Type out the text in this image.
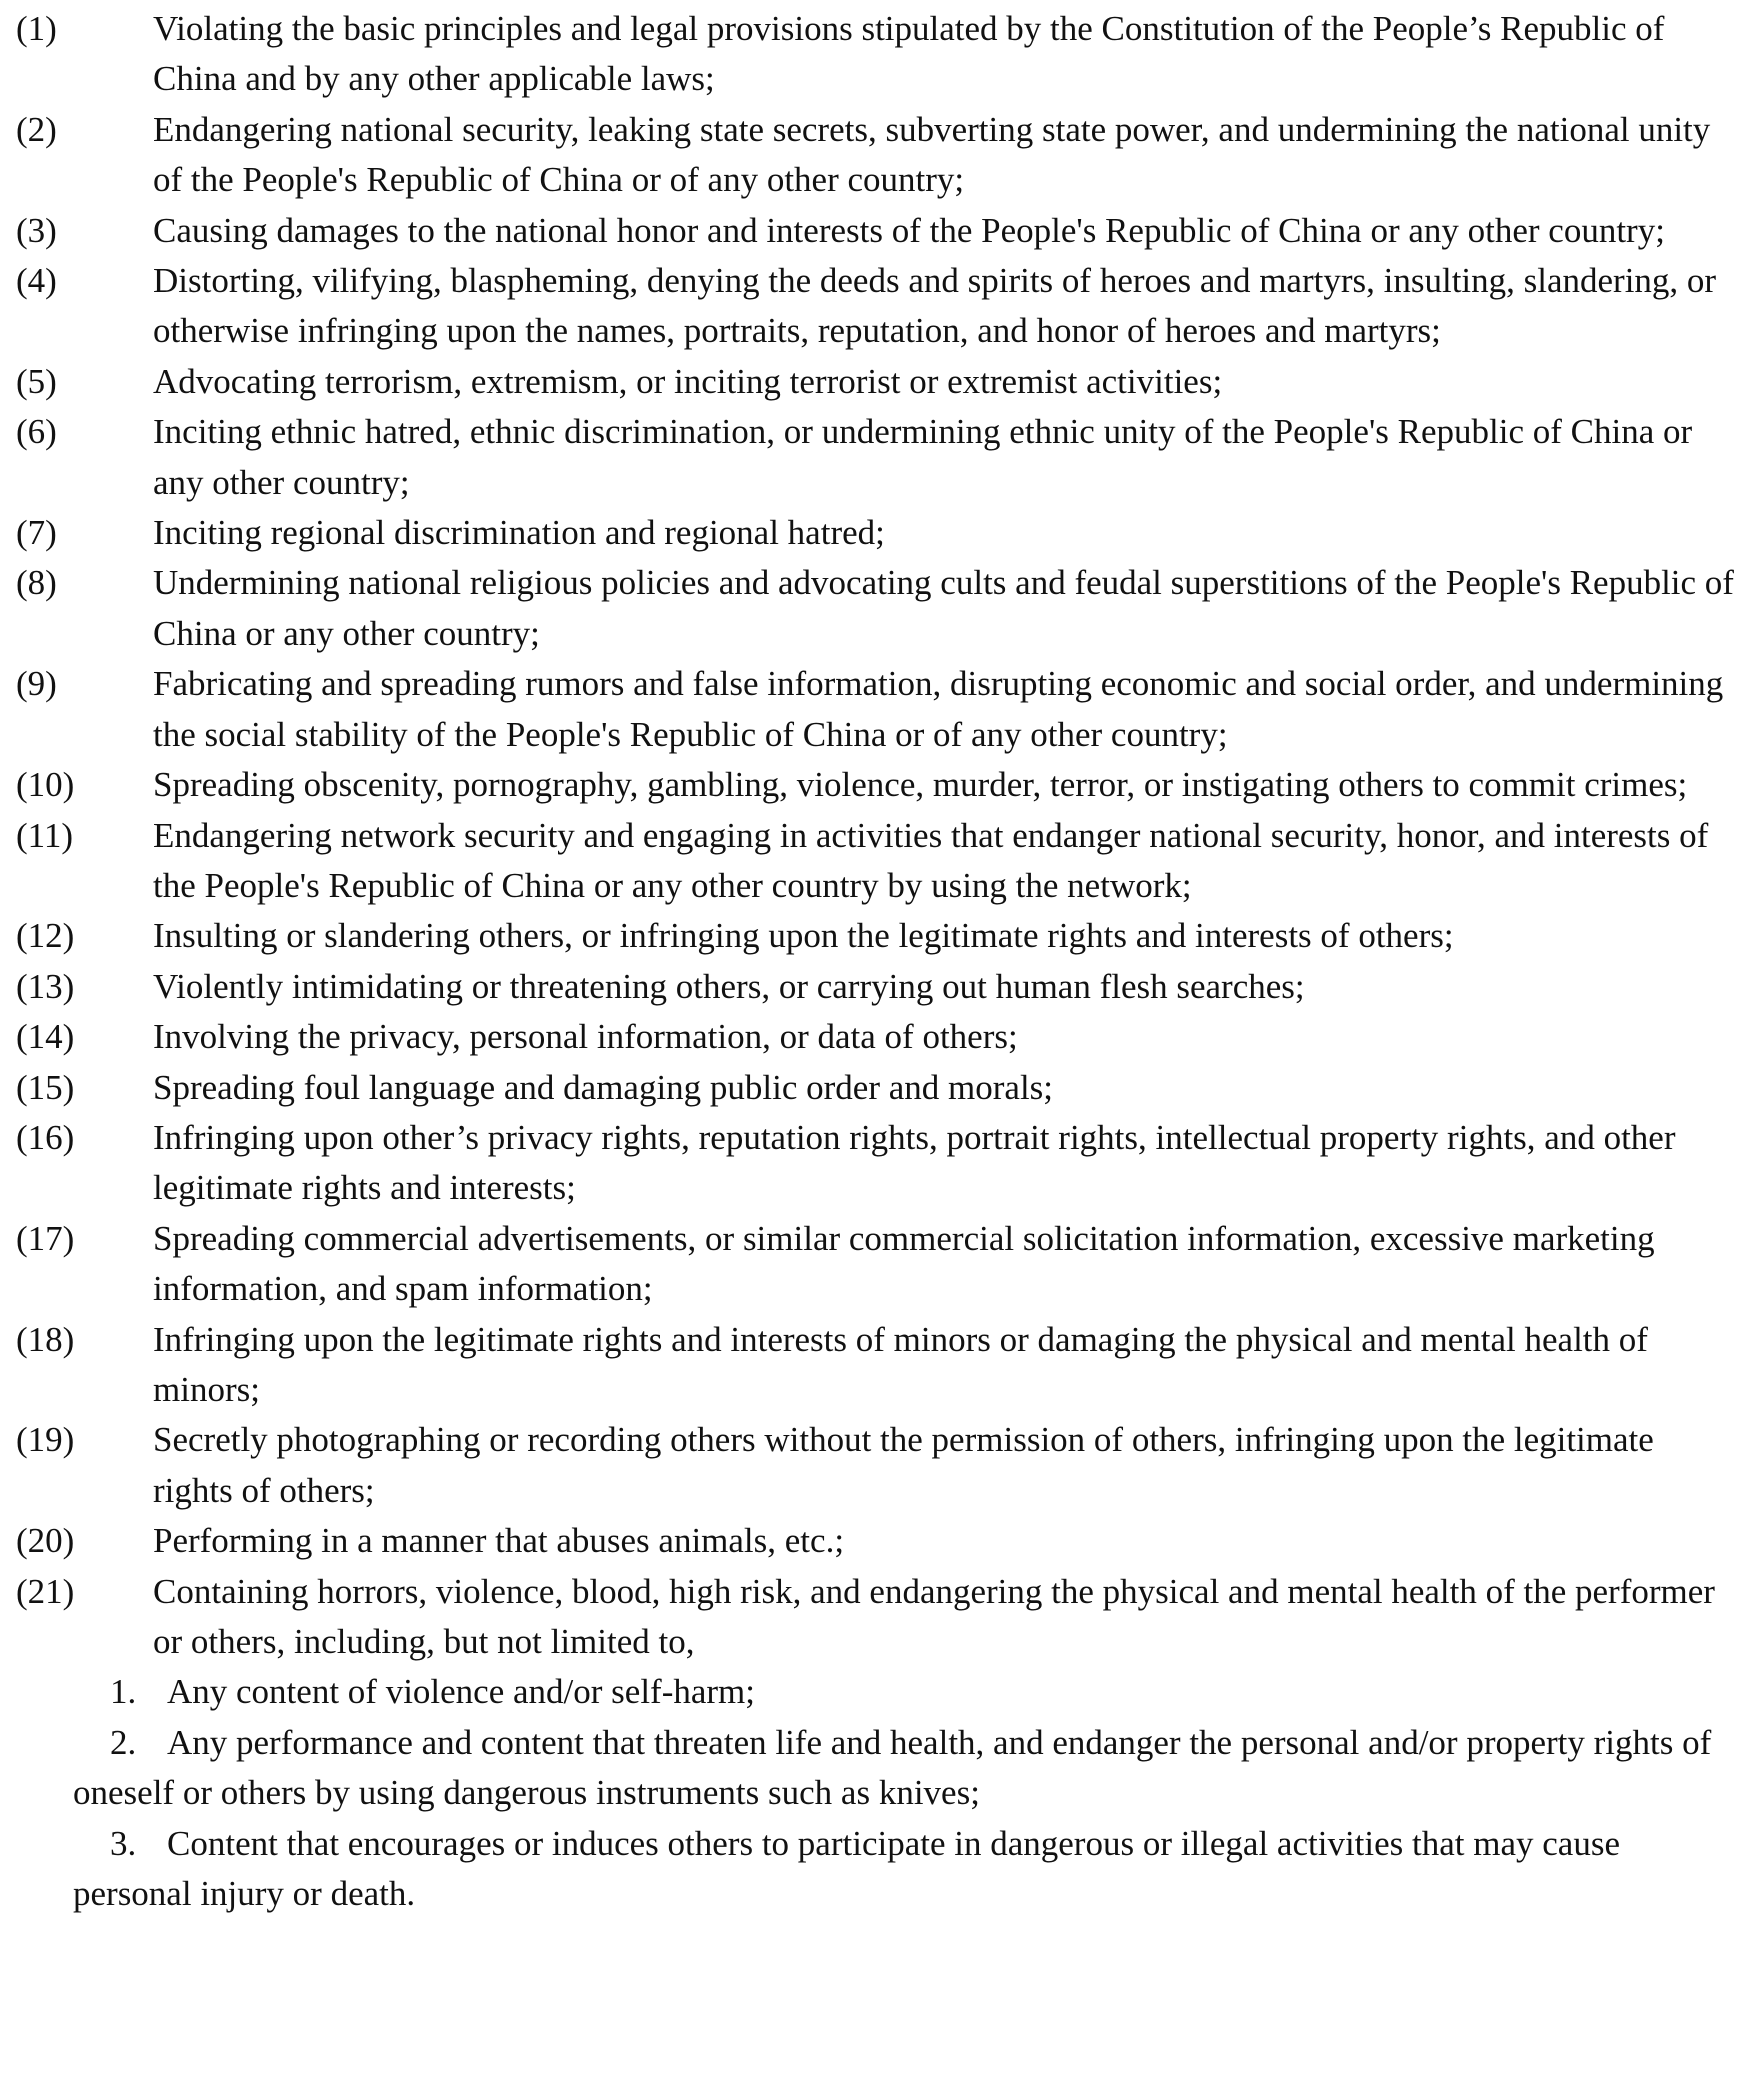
(1)	Violating the basic principles and legal provisions stipulated by the Constitution of the People’s Republic of China and by any other applicable laws;
(2)	Endangering national security, leaking state secrets, subverting state power, and undermining the national unity of the People's Republic of China or of any other country;
(3)	Causing damages to the national honor and interests of the People's Republic of China or any other country;
(4)	Distorting, vilifying, blaspheming, denying the deeds and spirits of heroes and martyrs, insulting, slandering, or otherwise infringing upon the names, portraits, reputation, and honor of heroes and martyrs;
(5)	Advocating terrorism, extremism, or inciting terrorist or extremist activities;
(6)	Inciting ethnic hatred, ethnic discrimination, or undermining ethnic unity of the People's Republic of China or any other country;
(7)	Inciting regional discrimination and regional hatred;
(8)	Undermining national religious policies and advocating cults and feudal superstitions of the People's Republic of China or any other country;
(9)	Fabricating and spreading rumors and false information, disrupting economic and social order, and undermining the social stability of the People's Republic of China or of any other country;
(10)	Spreading obscenity, pornography, gambling, violence, murder, terror, or instigating others to commit crimes;
(11)	Endangering network security and engaging in activities that endanger national security, honor, and interests of the People's Republic of China or any other country by using the network;
(12)	Insulting or slandering others, or infringing upon the legitimate rights and interests of others;
(13)	Violently intimidating or threatening others, or carrying out human flesh searches;
(14)	Involving the privacy, personal information, or data of others;
(15)	Spreading foul language and damaging public order and morals;
(16)	Infringing upon other’s privacy rights, reputation rights, portrait rights, intellectual property rights, and other legitimate rights and interests;
(17)	Spreading commercial advertisements, or similar commercial solicitation information, excessive marketing information, and spam information;
(18)	Infringing upon the legitimate rights and interests of minors or damaging the physical and mental health of minors;
(19)	Secretly photographing or recording others without the permission of others, infringing upon the legitimate rights of others;
(20)	Performing in a manner that abuses animals, etc.;
(21)	Containing horrors, violence, blood, high risk, and endangering the physical and mental health of the performer or others, including, but not limited to,
1. Any content of violence and/or self-harm;
2. Any performance and content that threaten life and health, and endanger the personal and/or property rights of oneself or others by using dangerous instruments such as knives;
3. Content that encourages or induces others to participate in dangerous or illegal activities that may cause personal injury or death.
